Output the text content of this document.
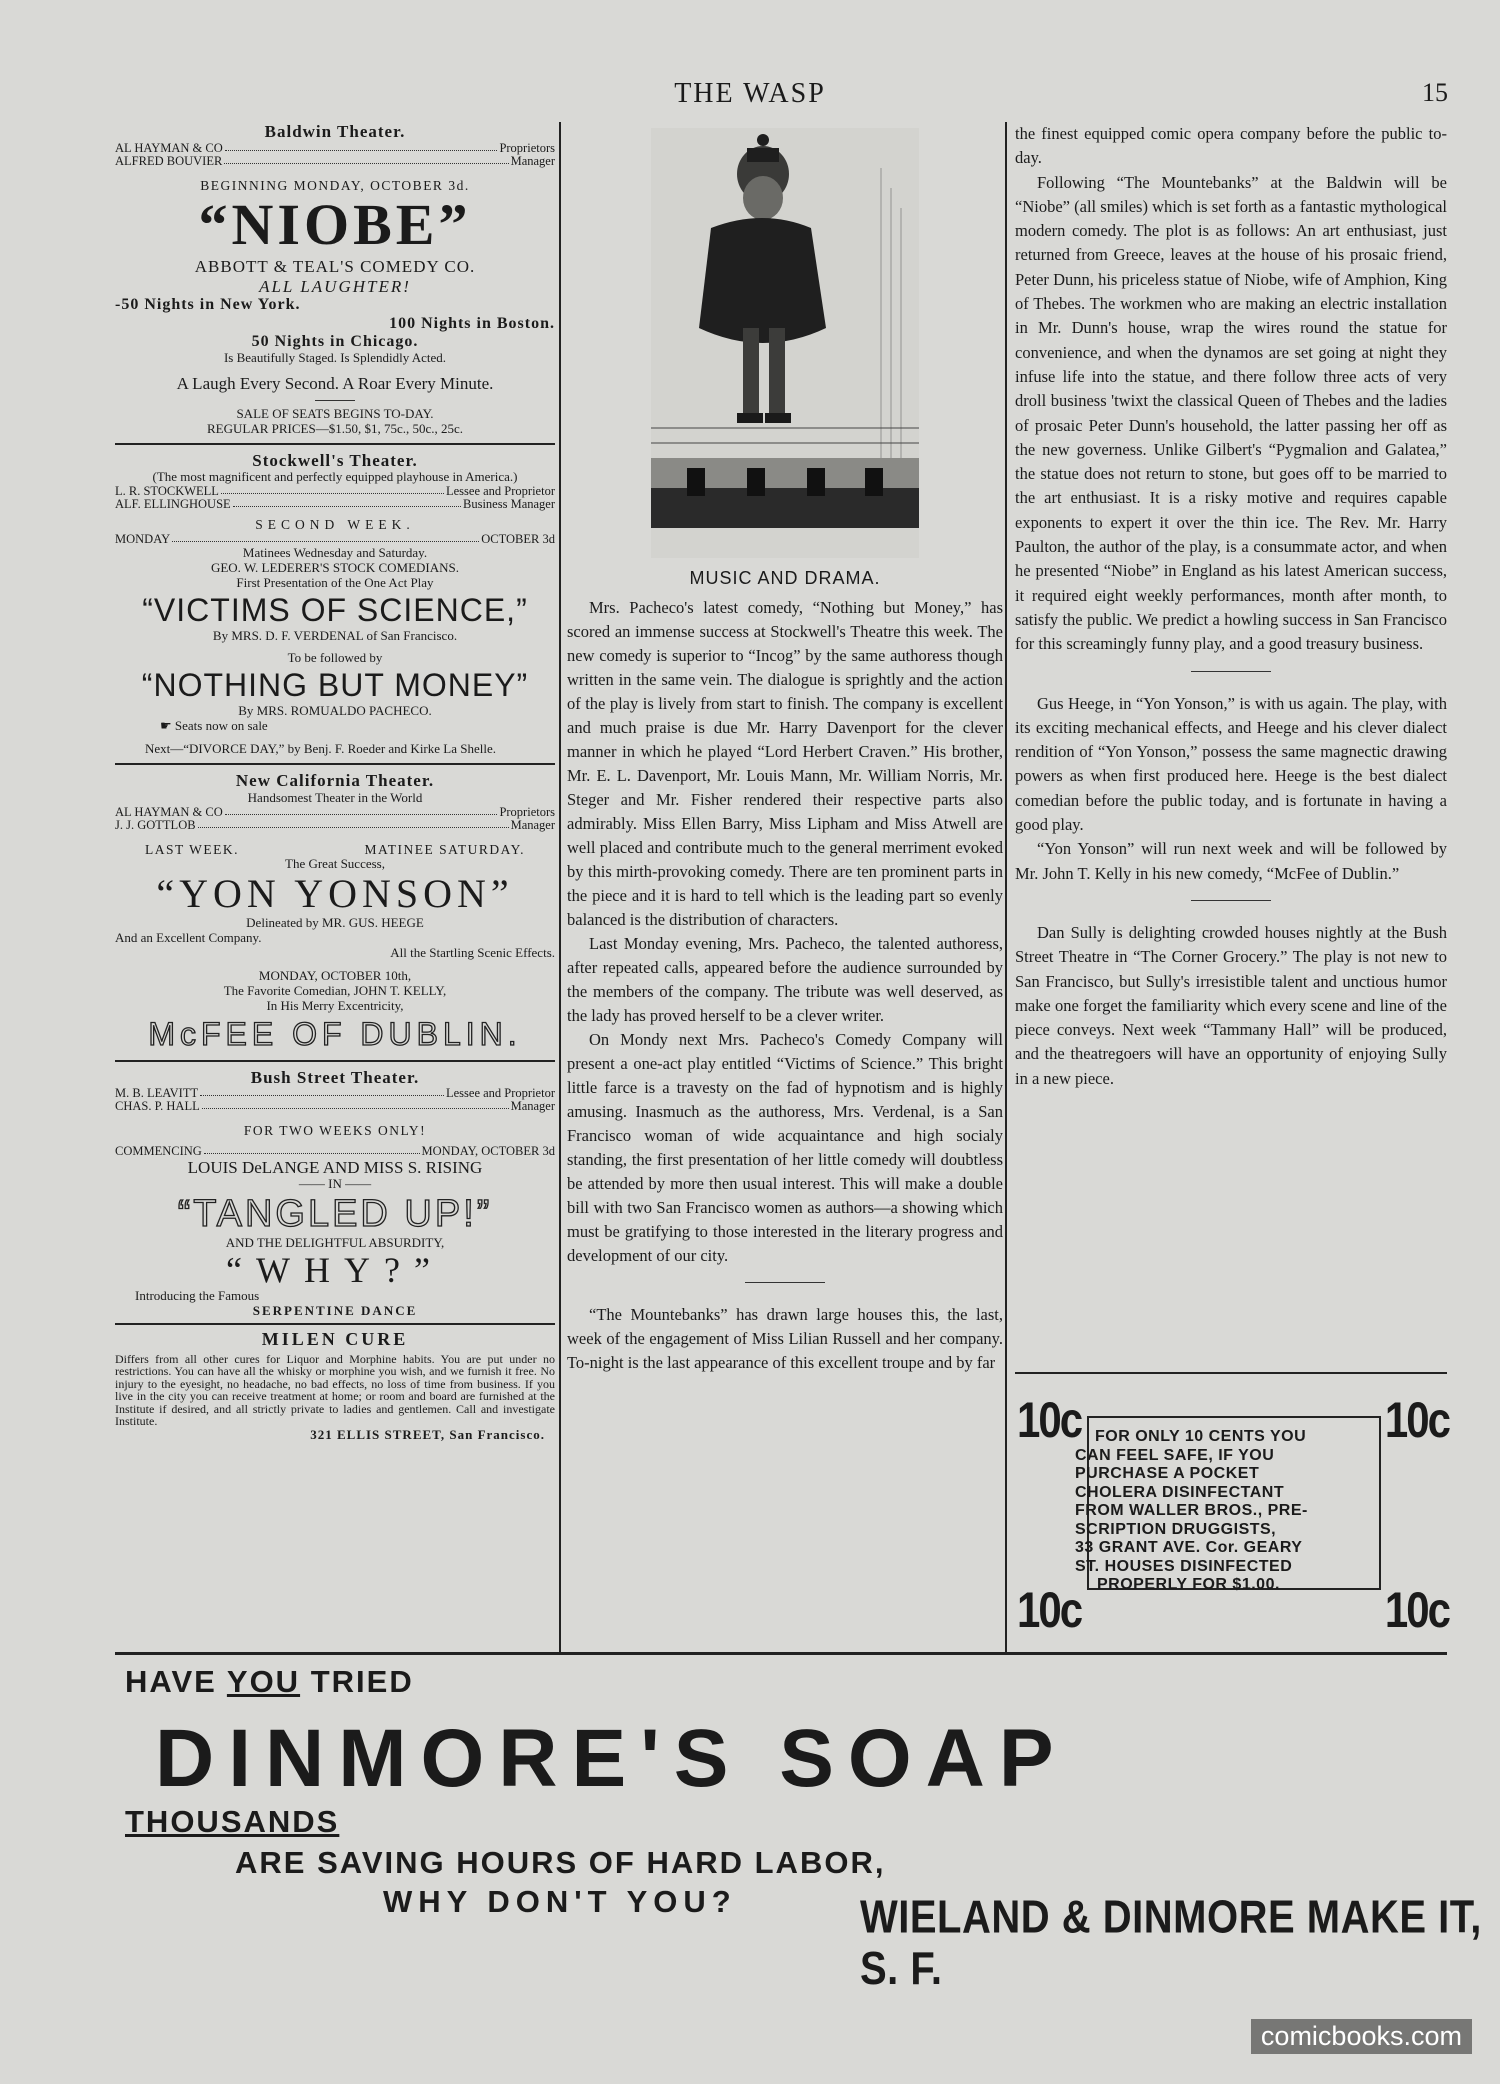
THE WASP	15
Baldwin Theater.
AL HAYMAN & CO	Proprietors
ALFRED BOUVIER	Manager
BEGINNING MONDAY, OCTOBER 3d.
“NIOBE”
ABBOTT & TEAL'S COMEDY CO.
ALL LAUGHTER!
-50 Nights in New York.
100 Nights in Boston.
50 Nights in Chicago.
Is Beautifully Staged. Is Splendidly Acted.
A Laugh Every Second. A Roar Every Minute.
SALE OF SEATS BEGINS TO-DAY.
REGULAR PRICES—$1.50, $1, 75c., 50c., 25c.
Stockwell's Theater.
(The most magnificent and perfectly equipped playhouse in America.)
L. R. STOCKWELL	Lessee and Proprietor
ALF. ELLINGHOUSE	Business Manager
SECOND WEEK.
MONDAY	OCTOBER 3d
Matinees Wednesday and Saturday.
GEO. W. LEDERER'S STOCK COMEDIANS.
First Presentation of the One Act Play
“VICTIMS OF SCIENCE,”
By MRS. D. F. VERDENAL of San Francisco.
To be followed by
“NOTHING BUT MONEY”
By MRS. ROMUALDO PACHECO.
☛ Seats now on sale
Next—“DIVORCE DAY,” by Benj. F. Roeder and Kirke La Shelle.
New California Theater.
Handsomest Theater in the World
AL HAYMAN & CO	Proprietors
J. J. GOTTLOB	Manager
LAST WEEK.	MATINEE SATURDAY.
The Great Success,
“YON YONSON”
Delineated by MR. GUS. HEEGE
And an Excellent Company.
All the Startling Scenic Effects.
MONDAY, OCTOBER 10th,
The Favorite Comedian, JOHN T. KELLY,
In His Merry Excentricity,
McFEE OF DUBLIN.
Bush Street Theater.
M. B. LEAVITT	Lessee and Proprietor
CHAS. P. HALL	Manager
FOR TWO WEEKS ONLY!
COMMENCING	MONDAY, OCTOBER 3d
LOUIS DeLANGE AND MISS S. RISING
—— IN ——
“TANGLED UP!”
AND THE DELIGHTFUL ABSURDITY,
“WHY?”
Introducing the Famous
SERPENTINE DANCE
MILEN CURE
Differs from all other cures for Liquor and Morphine habits. You are put under no restrictions. You can have all the whisky or morphine you wish, and we furnish it free. No injury to the eyesight, no headache, no bad effects, no loss of time from business. If you live in the city you can receive treatment at home; or room and board are furnished at the Institute if desired, and all strictly private to ladies and gentlemen. Call and investigate Institute.
321 ELLIS STREET, San Francisco.
MUSIC AND DRAMA.

Mrs. Pacheco's latest comedy, “Nothing but Money,” has scored an immense success at Stockwell's Theatre this week. The new comedy is superior to “Incog” by the same authoress though written in the same vein. The dialogue is sprightly and the action of the play is lively from start to finish. The company is excellent and much praise is due Mr. Harry Davenport for the clever manner in which he played “Lord Herbert Craven.” His brother, Mr. E. L. Davenport, Mr. Louis Mann, Mr. William Norris, Mr. Steger and Mr. Fisher rendered their respective parts also admirably. Miss Ellen Barry, Miss Lipham and Miss Atwell are well placed and contribute much to the general merriment evoked by this mirth-provoking comedy. There are ten prominent parts in the piece and it is hard to tell which is the leading part so evenly balanced is the distribution of characters.

Last Monday evening, Mrs. Pacheco, the talented authoress, after repeated calls, appeared before the audience surrounded by the members of the company. The tribute was well deserved, as the lady has proved herself to be a clever writer.

On Mondy next Mrs. Pacheco's Comedy Company will present a one-act play entitled “Victims of Science.” This bright little farce is a travesty on the fad of hypnotism and is highly amusing. Inasmuch as the authoress, Mrs. Verdenal, is a San Francisco woman of wide acquaintance and high socialy standing, the first presentation of her little comedy will doubtless be attended by more then usual interest. This will make a double bill with two San Francisco women as authors—a showing which must be gratifying to those interested in the literary progress and development of our city.

“The Mountebanks” has drawn large houses this, the last, week of the engagement of Miss Lilian Russell and her company. To-night is the last appearance of this excellent troupe and by far

the finest equipped comic opera company before the public to-day.

Following “The Mountebanks” at the Baldwin will be “Niobe” (all smiles) which is set forth as a fantastic mythological modern comedy. The plot is as follows: An art enthusiast, just returned from Greece, leaves at the house of his prosaic friend, Peter Dunn, his priceless statue of Niobe, wife of Amphion, King of Thebes. The workmen who are making an electric installation in Mr. Dunn's house, wrap the wires round the statue for convenience, and when the dynamos are set going at night they infuse life into the statue, and there follow three acts of very droll business 'twixt the classical Queen of Thebes and the ladies of prosaic Peter Dunn's household, the latter passing her off as the new governess. Unlike Gilbert's “Pygmalion and Galatea,” the statue does not return to stone, but goes off to be married to the art enthusiast. It is a risky motive and requires capable exponents to expert it over the thin ice. The Rev. Mr. Harry Paulton, the author of the play, is a consummate actor, and when he presented “Niobe” in England as his latest American success, it required eight weekly performances, month after month, to satisfy the public. We predict a howling success in San Francisco for this screamingly funny play, and a good treasury business.

Gus Heege, in “Yon Yonson,” is with us again. The play, with its exciting mechanical effects, and Heege and his clever dialect rendition of “Yon Yonson,” possess the same magnectic drawing powers as when first produced here. Heege is the best dialect comedian before the public today, and is fortunate in having a good play.

“Yon Yonson” will run next week and will be followed by Mr. John T. Kelly in his new comedy, “McFee of Dublin.”

Dan Sully is delighting crowded houses nightly at the Bush Street Theatre in “The Corner Grocery.” The play is not new to San Francisco, but Sully's irresistible talent and unctious humor make one forget the familiarity which every scene and line of the piece conveys. Next week “Tammany Hall” will be produced, and the theatregoers will have an opportunity of enjoying Sully in a new piece.

10c	10c
10c	10c
FOR ONLY 10 CENTS YOU
CAN FEEL SAFE, IF YOU
PURCHASE A POCKET
CHOLERA DISINFECTANT
FROM WALLER BROS., PRE-
SCRIPTION DRUGGISTS,
33 GRANT AVE. Cor. GEARY
ST. HOUSES DISINFECTED
PROPERLY FOR $1.00.
HAVE YOU TRIED
DINMORE'S SOAP
THOUSANDS
ARE SAVING HOURS OF HARD LABOR,
WHY DON'T YOU?	WIELAND & DINMORE MAKE IT, S. F.
comicbooks.com
